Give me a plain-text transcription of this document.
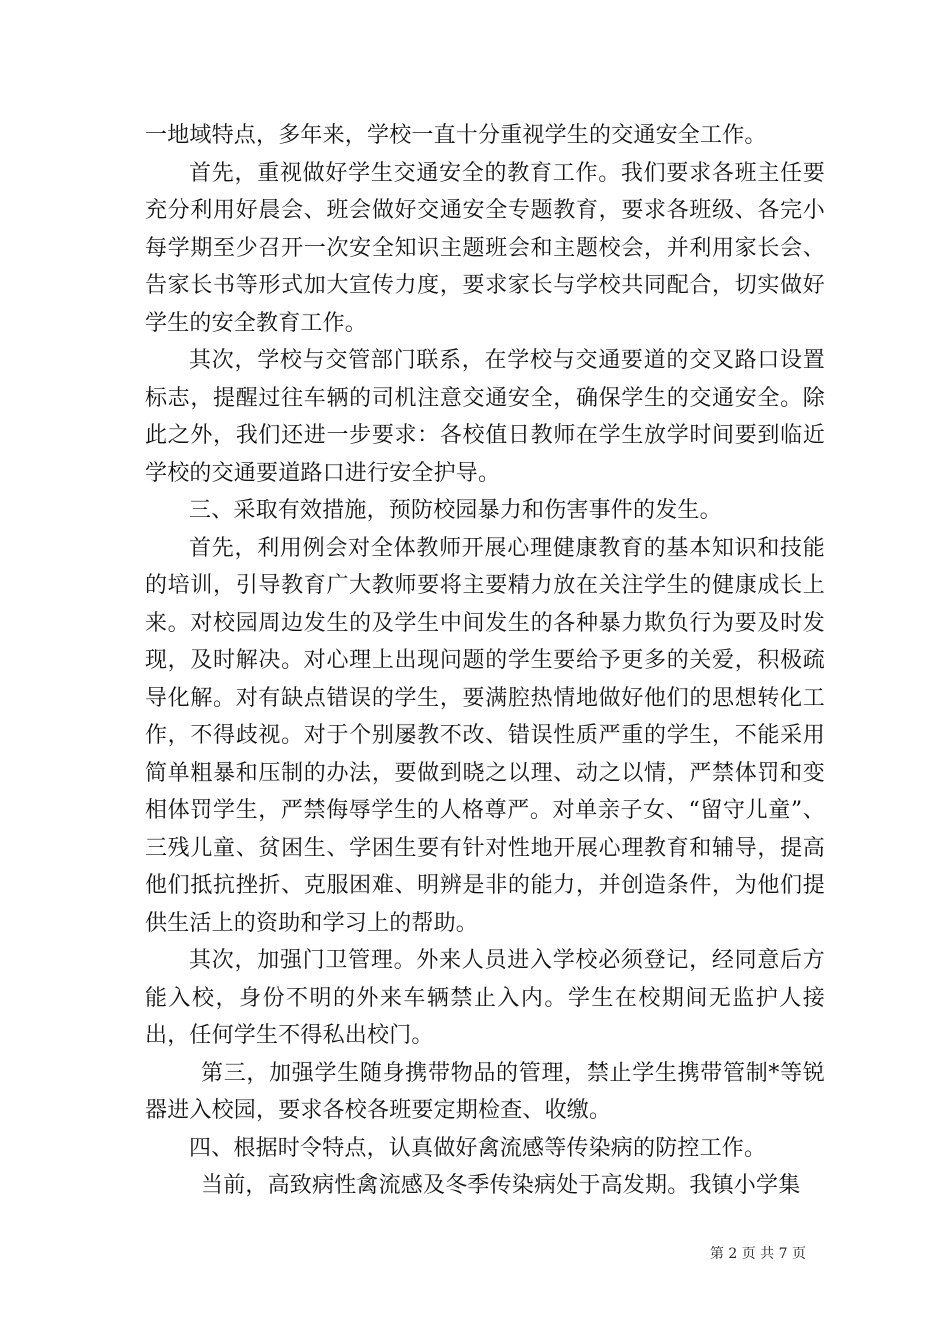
一地域特点，多年来，学校一直十分重视学生的交通安全工作。

首先，重视做好学生交通安全的教育工作。我们要求各班主任要充分利用好晨会、班会做好交通安全专题教育，要求各班级、各完小每学期至少召开一次安全知识主题班会和主题校会，并利用家长会、告家长书等形式加大宣传力度，要求家长与学校共同配合，切实做好学生的安全教育工作。

其次，学校与交管部门联系，在学校与交通要道的交叉路口设置标志，提醒过往车辆的司机注意交通安全，确保学生的交通安全。除此之外，我们还进一步要求：各校值日教师在学生放学时间要到临近学校的交通要道路口进行安全护导。

三、采取有效措施，预防校园暴力和伤害事件的发生。

首先，利用例会对全体教师开展心理健康教育的基本知识和技能的培训，引导教育广大教师要将主要精力放在关注学生的健康成长上来。对校园周边发生的及学生中间发生的各种暴力欺负行为要及时发现，及时解决。对心理上出现问题的学生要给予更多的关爱，积极疏导化解。对有缺点错误的学生，要满腔热情地做好他们的思想转化工作，不得歧视。对于个别屡教不改、错误性质严重的学生，不能采用简单粗暴和压制的办法，要做到晓之以理、动之以情，严禁体罚和变相体罚学生，严禁侮辱学生的人格尊严。对单亲子女、“留守儿童”、三残儿童、贫困生、学困生要有针对性地开展心理教育和辅导，提高他们抵抗挫折、克服困难、明辨是非的能力，并创造条件，为他们提供生活上的资助和学习上的帮助。

其次，加强门卫管理。外来人员进入学校必须登记，经同意后方能入校，身份不明的外来车辆禁止入内。学生在校期间无监护人接出，任何学生不得私出校门。

第三，加强学生随身携带物品的管理，禁止学生携带管制*等锐器进入校园，要求各校各班要定期检查、收缴。

四、根据时令特点，认真做好禽流感等传染病的防控工作。

当前，高致病性禽流感及冬季传染病处于高发期。我镇小学集

第 2 页 共 7 页
